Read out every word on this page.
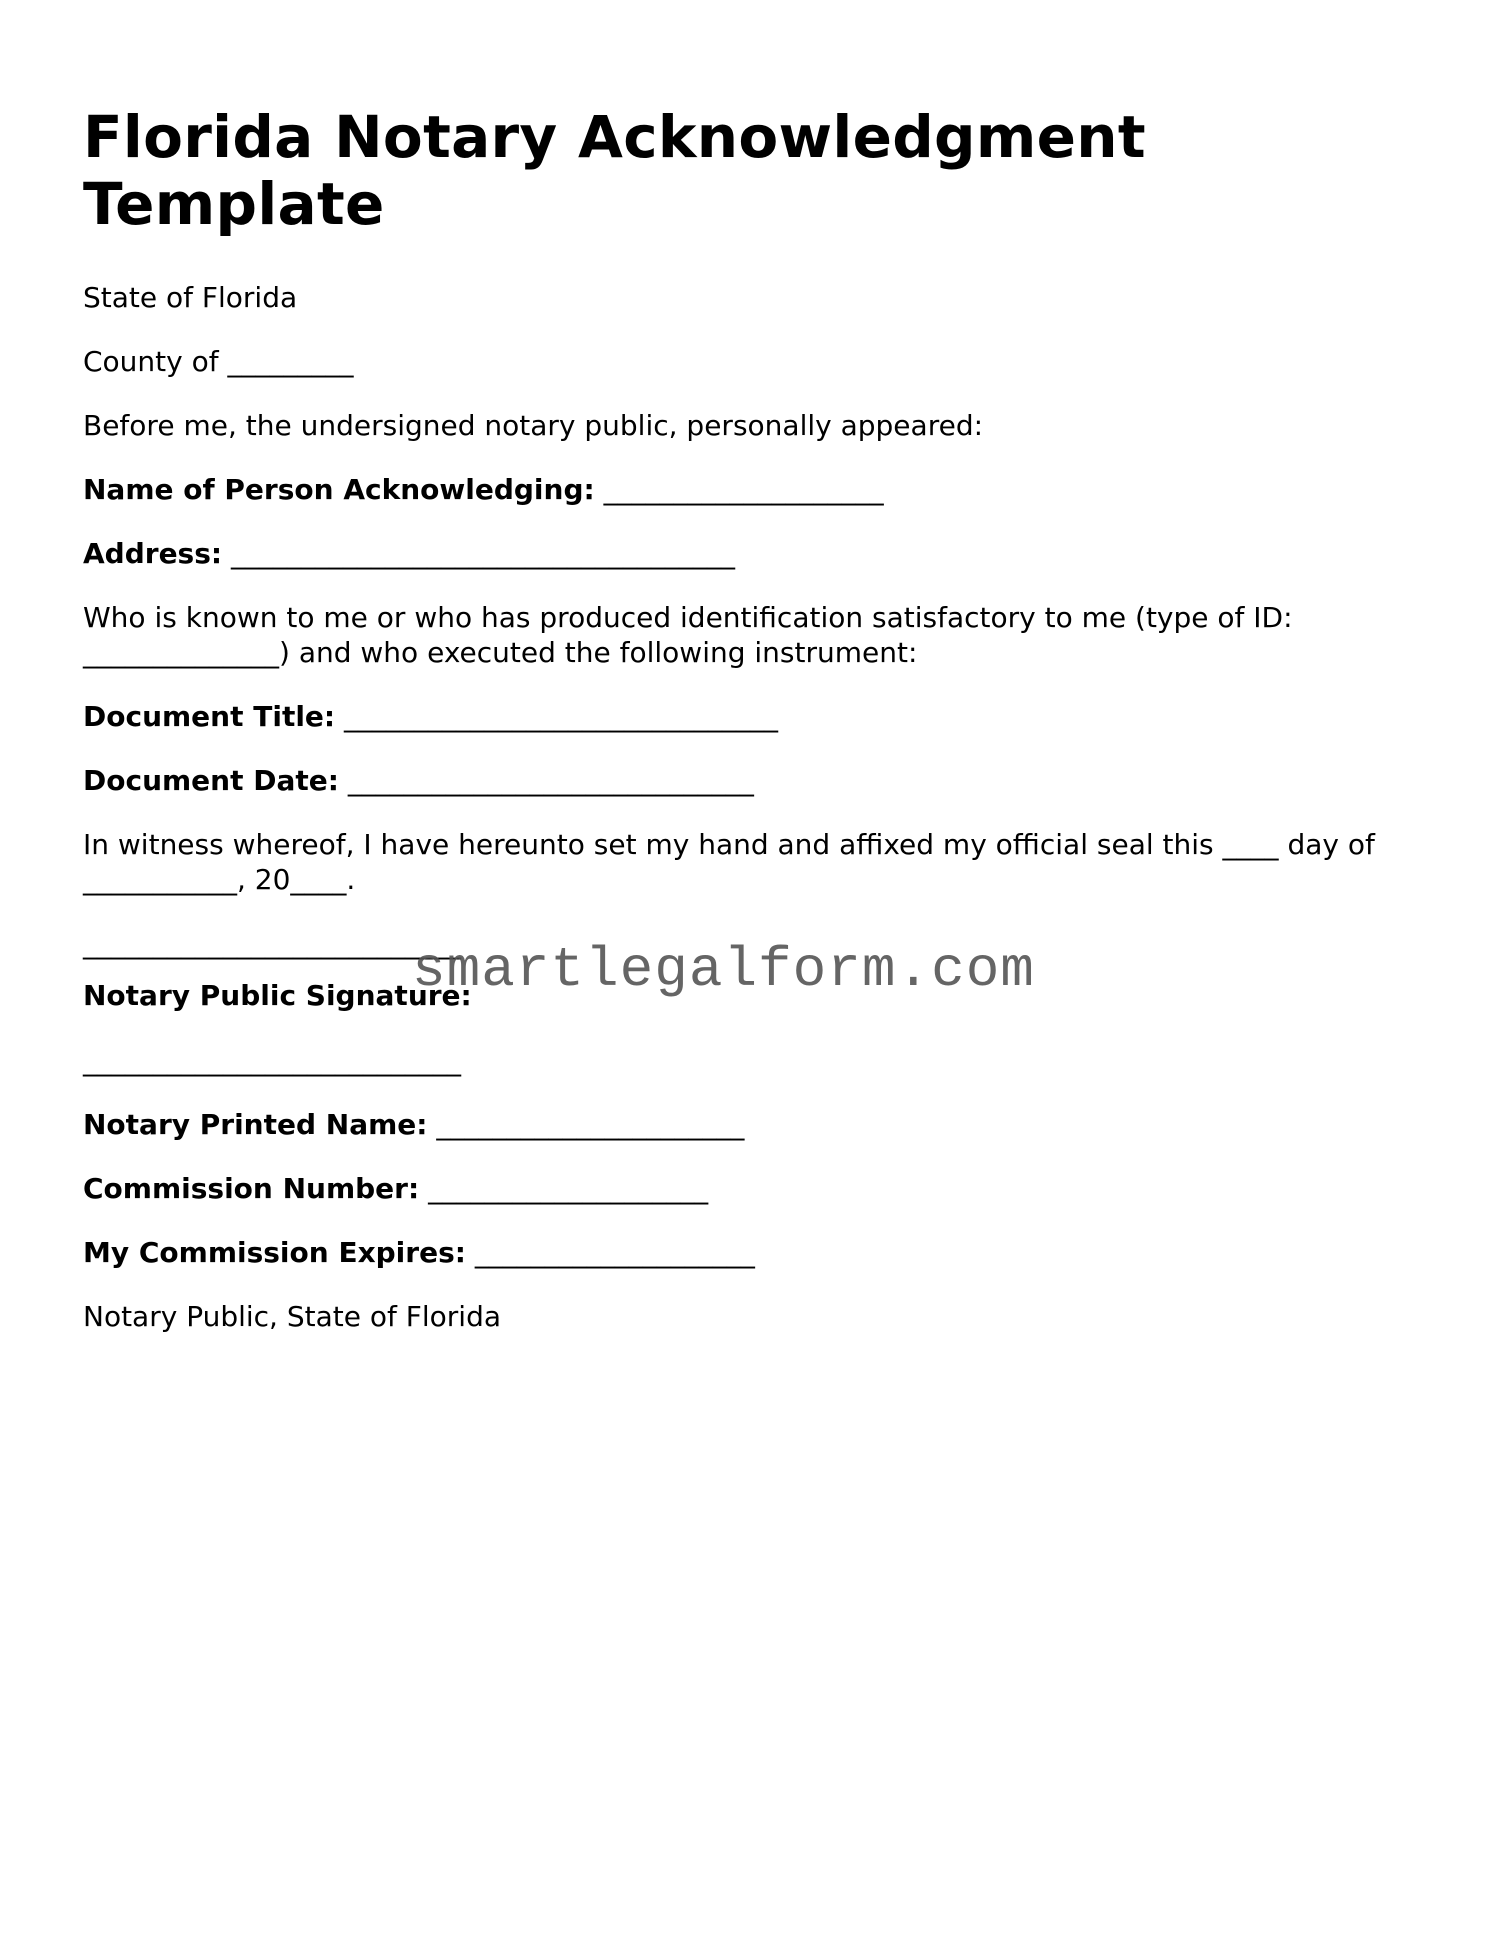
Florida Notary Acknowledgment Template

State of Florida

County of _________

Before me, the undersigned notary public, personally appeared:

Name of Person Acknowledging: ____________________

Address: ____________________________________

Who is known to me or who has produced identification satisfactory to me (type of ID: ______________) and who executed the following instrument:

Document Title: _______________________________

Document Date: _____________________________

In witness whereof, I have hereunto set my hand and affixed my official seal this ____ day of ___________, 20____.

___________________________

Notary Public Signature:

___________________________

Notary Printed Name: ______________________

Commission Number: ____________________

My Commission Expires: ____________________

Notary Public, State of Florida

smartlegalform.com
